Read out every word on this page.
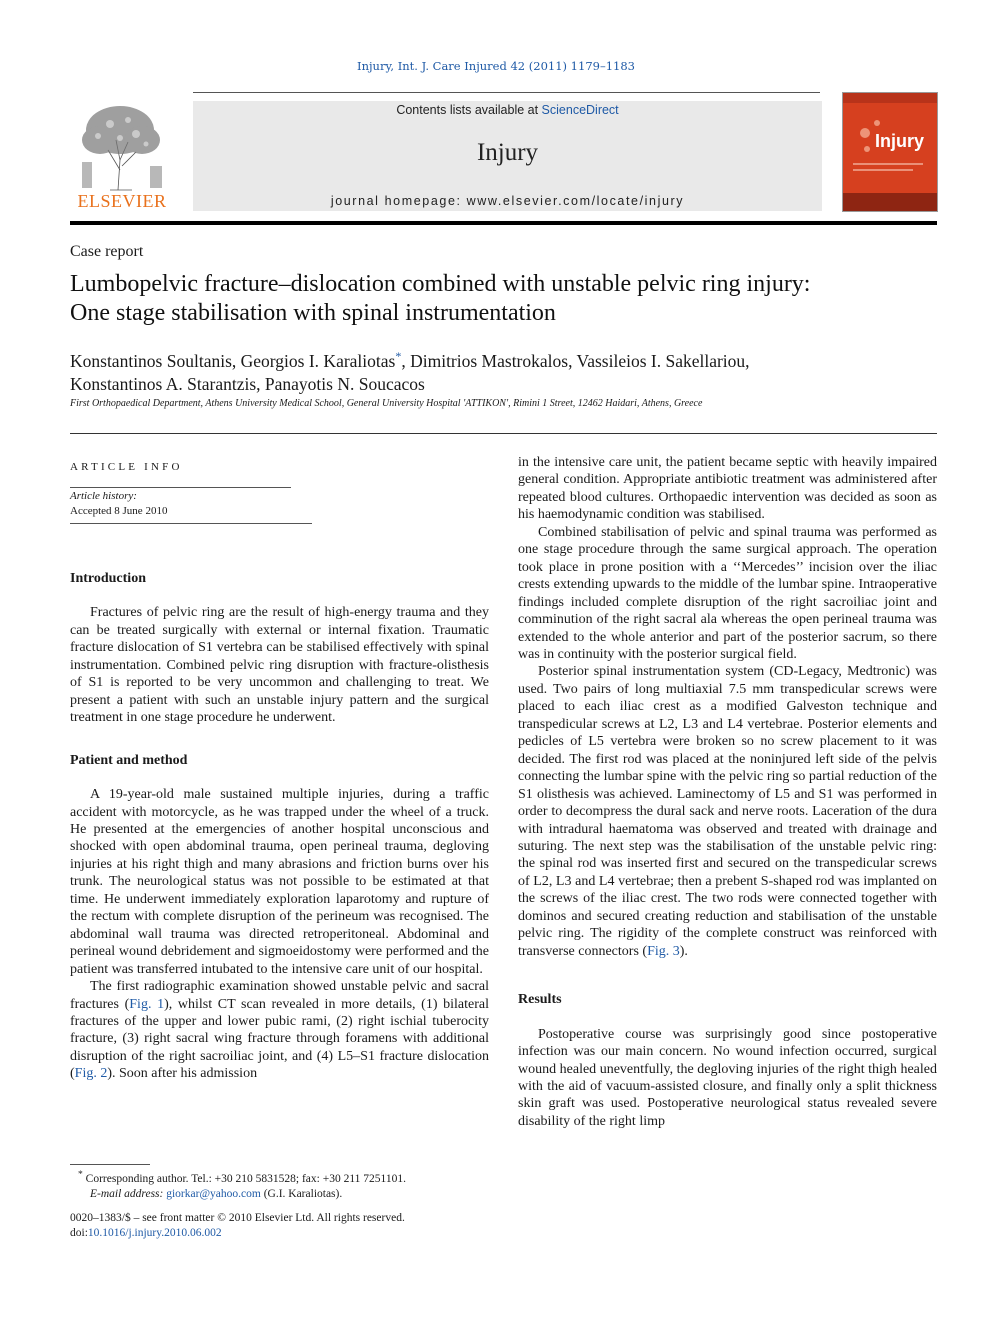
Injury, Int. J. Care Injured 42 (2011) 1179–1183
ELSEVIER
Contents lists available at ScienceDirect
Injury
journal homepage: www.elsevier.com/locate/injury
Injury
Case report
Lumbopelvic fracture–dislocation combined with unstable pelvic ring injury:
One stage stabilisation with spinal instrumentation
Konstantinos Soultanis, Georgios I. Karaliotas*, Dimitrios Mastrokalos, Vassileios I. Sakellariou,
Konstantinos A. Starantzis, Panayotis N. Soucacos
First Orthopaedical Department, Athens University Medical School, General University Hospital 'ATTIKON', Rimini 1 Street, 12462 Haidari, Athens, Greece
ARTICLE INFO
Article history:
Accepted 8 June 2010
Introduction

Fractures of pelvic ring are the result of high-energy trauma and they can be treated surgically with external or internal fixation. Traumatic fracture dislocation of S1 vertebra can be stabilised effectively with spinal instrumentation. Combined pelvic ring disruption with fracture-olisthesis of S1 is reported to be very uncommon and challenging to treat. We present a patient with such an unstable injury pattern and the surgical treatment in one stage procedure he underwent.

Patient and method

A 19-year-old male sustained multiple injuries, during a traffic accident with motorcycle, as he was trapped under the wheel of a truck. He presented at the emergencies of another hospital unconscious and shocked with open abdominal trauma, open perineal trauma, degloving injuries at his right thigh and many abrasions and friction burns over his trunk. The neurological status was not possible to be estimated at that time. He underwent immediately exploration laparotomy and rupture of the rectum with complete disruption of the perineum was recognised. The abdominal wall trauma was directed retroperitoneal. Abdominal and perineal wound debridement and sigmoeidostomy were performed and the patient was transferred intubated to the intensive care unit of our hospital.

The first radiographic examination showed unstable pelvic and sacral fractures (Fig. 1), whilst CT scan revealed in more details, (1) bilateral fractures of the upper and lower pubic rami, (2) right ischial tuberocity fracture, (3) right sacral wing fracture through foramens with additional disruption of the right sacroiliac joint, and (4) L5–S1 fracture dislocation (Fig. 2). Soon after his admission

in the intensive care unit, the patient became septic with heavily impaired general condition. Appropriate antibiotic treatment was administered after repeated blood cultures. Orthopaedic intervention was decided as soon as his haemodynamic condition was stabilised.

Combined stabilisation of pelvic and spinal trauma was performed as one stage procedure through the same surgical approach. The operation took place in prone position with a ‘‘Mercedes’’ incision over the iliac crests extending upwards to the middle of the lumbar spine. Intraoperative findings included complete disruption of the right sacroiliac joint and comminution of the right sacral ala whereas the open perineal trauma was extended to the whole anterior and part of the posterior sacrum, so there was in continuity with the posterior surgical field.

Posterior spinal instrumentation system (CD-Legacy, Medtronic) was used. Two pairs of long multiaxial 7.5 mm transpedicular screws were placed to each iliac crest as a modified Galveston technique and transpedicular screws at L2, L3 and L4 vertebrae. Posterior elements and pedicles of L5 vertebra were broken so no screw placement to it was decided. The first rod was placed at the noninjured left side of the pelvis connecting the lumbar spine with the pelvic ring so partial reduction of the S1 olisthesis was achieved. Laminectomy of L5 and S1 was performed in order to decompress the dural sack and nerve roots. Laceration of the dura with intradural haematoma was observed and treated with drainage and suturing. The next step was the stabilisation of the unstable pelvic ring: the spinal rod was inserted first and secured on the transpedicular screws of L2, L3 and L4 vertebrae; then a prebent S-shaped rod was implanted on the screws of the iliac crest. The two rods were connected together with dominos and secured creating reduction and stabilisation of the unstable pelvic ring. The rigidity of the complete construct was reinforced with transverse connectors (Fig. 3).

Results

Postoperative course was surprisingly good since postoperative infection was our main concern. No wound infection occurred, surgical wound healed uneventfully, the degloving injuries of the right thigh healed with the aid of vacuum-assisted closure, and finally only a split thickness skin graft was used. Postoperative neurological status revealed severe disability of the right limp

* Corresponding author. Tel.: +30 210 5831528; fax: +30 211 7251101.
E-mail address: giorkar@yahoo.com (G.I. Karaliotas).
0020–1383/$ – see front matter © 2010 Elsevier Ltd. All rights reserved.
doi:10.1016/j.injury.2010.06.002
